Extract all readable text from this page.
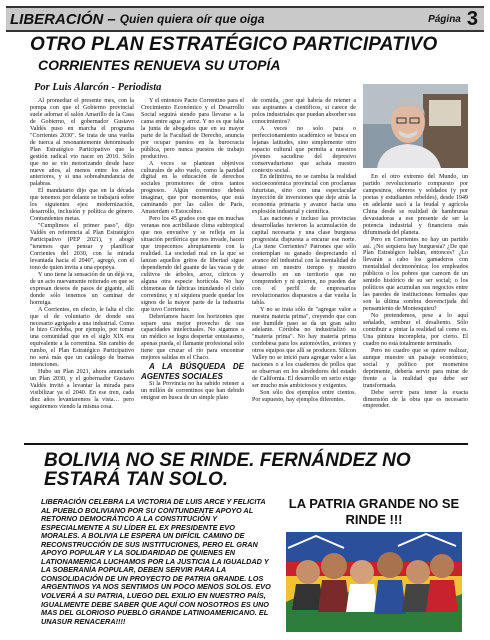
LIBERACIÓN – Quien quiera oír que oiga	Página 3
OTRO PLAN ESTRATÉGICO PARTICIPATIVO
CORRIENTES RENUEVA SU UTOPÍA
Por Luis Alarcón - Periodista

Al promediar el presente mes, con la pompa con que el Gobierno provincial suele adornar el salón Amarillo de la Casa de Gobierno, el gobernador Gustavo Valdés puso en marcha el programa "Corrientes 2030". Se trata de una vuelta de tuerca al resonantemente denominado Plan Estratégico Participativo que la gestión radical vio nacer en 2010. Sólo que no se vio motorizando desde hace nueve años, al menos entre los años anteriores, y si una sobreabundancia de palabras.

El mandatario dijo que en la década que tenemos por delante se trabajará sobre los siguientes ejes: modernización, desarrollo, inclusión y política de género. Contundentes metas.

"Cumplimos el primer paso", dijo Valdés en referencia al Plan Estratégico Participativo (PEP 2021), y abogó "tenemos que pensar y planificar Corrientes del 2030, con la mirada levantada hacia el 2040", agregó, con el tono de quien invita a una epopeya.

Y uno tiene la sensación de un déjà vu, de un acto nuevamente reiterado en que se expresan deseos de pasos de gigante, allí donde sólo tenemos un caminar de hormiga.

A Corrientes, en efecto, le falta el clic que el de voluntario de donde sea necesario agrigado a una industrial. Como le hizo Córdoba, por ejemplo, por tomar una comunidad que en el siglo XIX era equivalente a la correntina. Sin cambio de rumbo, el Plan Estratégico Participativo no será más que un catálogo de buenas intenciones.

Hubo un Plan 2021, ahora anunciado un Plan 2030, y el gobernador Gustavo Valdés invitó a levantar la mirada para visibilizar ya el 2040. En ese tren, cada diez años levantaremos la vista… pero seguiremos viendo la misma cosa.

Y el entonces Pacto Correntino para el Crecimiento Económico y el Desarrollo Social seguirá siendo para llevarse a la cama entre agua y arroz. Y no es que falta la junta de abogados que en su mayor parte de la Facultad de Derecho, anuncia por ocupar puestos en la burocracia pública, pero nunca puestos de trabajo productivo.

A veces se plantean objetivos culturales de alto vuelo, como la paridad digital en la educación de derechos sociales promotores de otros tantos progresos. Algún correntino deberá imaginar, que por momentos, que está caminando por las calles de París, Amsterdam o Estocolmo.

Pero los 45 grados con que en muchas veranas nos acribillaste clima subtropical que nos envuelve y se refleja en la situación periférica que nos invade, hacen que tropecemos abruptamente con la realidad. La sociedad real en la que se lanzan aquellos gritos de libertad sigue dependiendo del guante de las vacas y de cultivos de árboles, arroz, cítricos y alguna otra especie hortícola. No hay chimeneas de fábricas inundando el cielo correntino; y ni siquiera puede quedar los signos de la mayor parte de la industria que tuvo Corrientes.

Deberíamos hacer los horizontes que separe una mejor provecho de sus capacidades intelectuales. No sigamos a un médico se logra despertar entusiasmo, apenas pueda, el flamante profesional sólo tiene que cruzar el río para encontrar mejores salidas en el Chaco.

A LA BÚSQUEDA DE AGENTES SOCIALES

Si la Provincia no ha sabido retener a un millón de correntinos que han debido emigrar en busca de un simple plato

de comida, ¿por qué habría de retener a sus aspirantes a científicos, si carece de polos industriales que puedan absorber sus conocimientos?

A veces no solo para o perfeccionamiento académico se busca en lejanas latitudes, sino simplemente otro espacio cultural que permita a nuestros jóvenes sacudirse del depresivo conservadurismo que achata nuestro contexto social.

En definitiva, no se cambia la realidad socioeconómica provincial con proclamas futuristas, sino con una espectacular inyección de inversiones que deje atrás la economía primaria y avance hacia una explosión industrial y científica.

Las naciones e incluso las provincias desarrolladas tuvieron la acumulación de capital necesaria y una clase burguesa progresista dispuesta a encarar ese norte. ¿La tiene Corrientes? Patrones que sólo contemplan su ganado despreciando el avance del industrial con la mentalidad de atraso en nuestro tiempo y nuestro desarrollo en un territorio que no comprenden y ni quieren, no pueden dar con el perfil de empresarios revolucionarios dispuestos a dar vuelta la tabla.

Y no se trata sólo de "agregar valor a nuestra materia prima", creyendo que con ese humilde paso se da un gran salto adelante. Córdoba no industrializó su "materia prima". No hay materia prima cordobesa para los automóviles, aviones y otros equipos que allí se producen. Silicon Valley no se inició para agregar valor a las naciones o a los cuadernos de pollos que se observan en los alrededores del estado de California. El desarrollo en serio exige ser mucho más ambiciosos y exigentes.

Son sólo dos ejemplos entre cientos. Por supuesto, hay ejemplos diferentes.

En el otro extremo del Mundo, un partido revolucionario compuesto por campesinos, obreros y soldados (y por poetas y estudiantes rebeldes), desde 1949 en adelante sacó a la feudal y agrícola China desde se realidad de hambrunas devastadoras a ese presente de ser la potencia industrial y financiera más difuminada del planeta.

Pero en Corrientes no hay un partido así. ¿No sequiera hay burguesía? ¿De qué Plan Estratégico hablan, entonces? ¿Lo llevarán a cabo los gamaderos con mentalidad decimonónica; los empleados públicos o los pobres que carecen de un sentido histórico de su ser social; o los políticos que acumulan sus negocios entre las paredes de instituciones formales que son la última sombra desvencijada del pensamiento de Montesquieu?

No pretendemos, pese a lo aquí señalado, sembrar el desaliento. Sólo contribuir a pintar la realidad tal como es. Una pintura incompleta, por cierto. El cuadro no está totalmente terminado.

Pero no cuadro que se quiere realizar, aunque muestre un paisaje económico, social y político por momentos deprimente, debería servir para mirar de frente a la realidad que debe ser transformada.

Debe servir para tener la exacta dimensión de la obra que es necesario emprender.

BOLIVIA NO SE RINDE. FERNÁNDEZ NO
ESTARÁ TAN SOLO.
LIBERACIÓN CELEBRA LA VICTORIA DE LUIS ARCE Y FELICITA AL PUEBLO BOLIVIANO POR SU CONTUNDENTE APOYO AL RETORNO DEMOCRÁTICO A LA CONSTITUCIÓN Y ESPECIALMENTE A SU LÍDER EL EX PRESIDENTE EVO MORALES. A BOLIVIA LE ESPERA UN DIFÍCIL CAMINO DE RECONSTRUCCIÓN DE SUS INSTITUCIONES, PERO EL GRAN APOYO POPULAR Y LA SOLIDARIDAD DE QUIENES EN LATIONAMERICA LUCHAMOS POR LA JUSTICIA LA IGUALDAD Y LA SOBERANÍA POPULAR, DEBEN SERVIR PARA LA CONSOLIDACIÓN DE UN PROYECTO DE PATRIA GRANDE. LOS ARGENTINOS YA NOS SENTIMOS UN POCO MENOS SOLOS. EVO VOLVERÁ A SU PATRIA, LUEGO DEL EXILIO EN NUESTRO PAÍS, IGUALMENTE DEBE SABER QUE AQUÍ CON NOSOTROS ES UNO MAS DEL GLORIOSO PUEBLO GRANDE LATINOAMERICANO. EL UNASUR RENACERA!!!!
LA PATRIA GRANDE NO SE
RINDE !!!
